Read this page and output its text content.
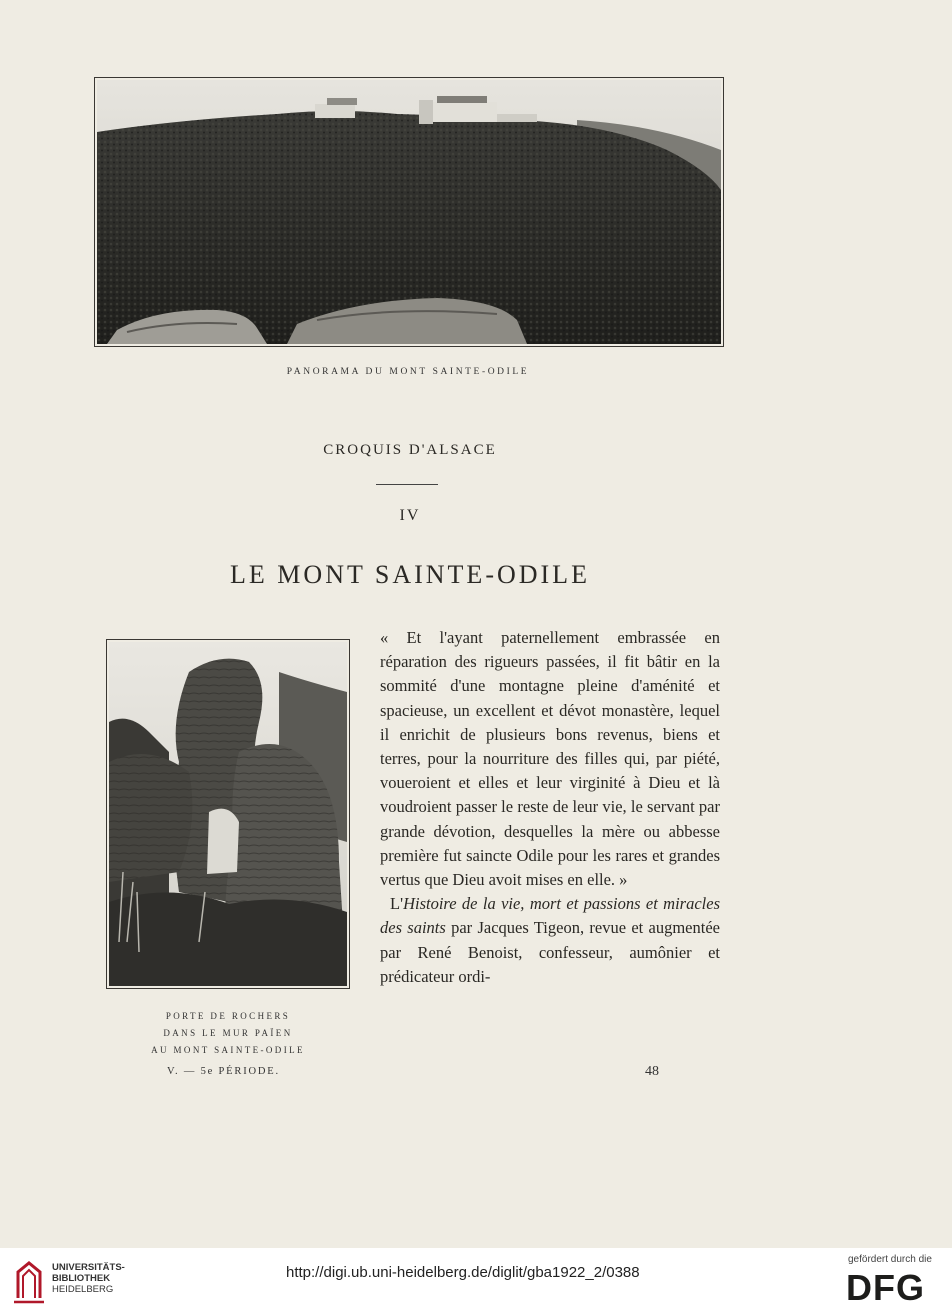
PANORAMA DU MONT SAINTE-ODILE
CROQUIS D'ALSACE
IV
LE MONT SAINTE-ODILE
PORTE DE ROCHERS
DANS LE MUR PAÏEN
AU MONT SAINTE-ODILE

« Et l'ayant paternellement embrassée en réparation des rigueurs passées, il fit bâtir en la sommité d'une montagne pleine d'aménité et spacieuse, un excellent et dévot monastère, lequel il enrichit de plusieurs bons revenus, biens et terres, pour la nourriture des filles qui, par piété, voueroient et elles et leur virginité à Dieu et là voudroient passer le reste de leur vie, le servant par grande dévotion, desquelles la mère ou abbesse première fut saincte Odile pour les rares et grandes vertus que Dieu avoit mises en elle. »

L'Histoire de la vie, mort et passions et miracles des saints par Jacques Tigeon, revue et augmentée par René Benoist, confesseur, aumônier et prédicateur ordi-

V. — 5e PÉRIODE.	48
UNIVERSITÄTS-
BIBLIOTHEK
HEIDELBERG
http://digi.ub.uni-heidelberg.de/diglit/gba1922_2/0388
gefördert durch die
DFG
